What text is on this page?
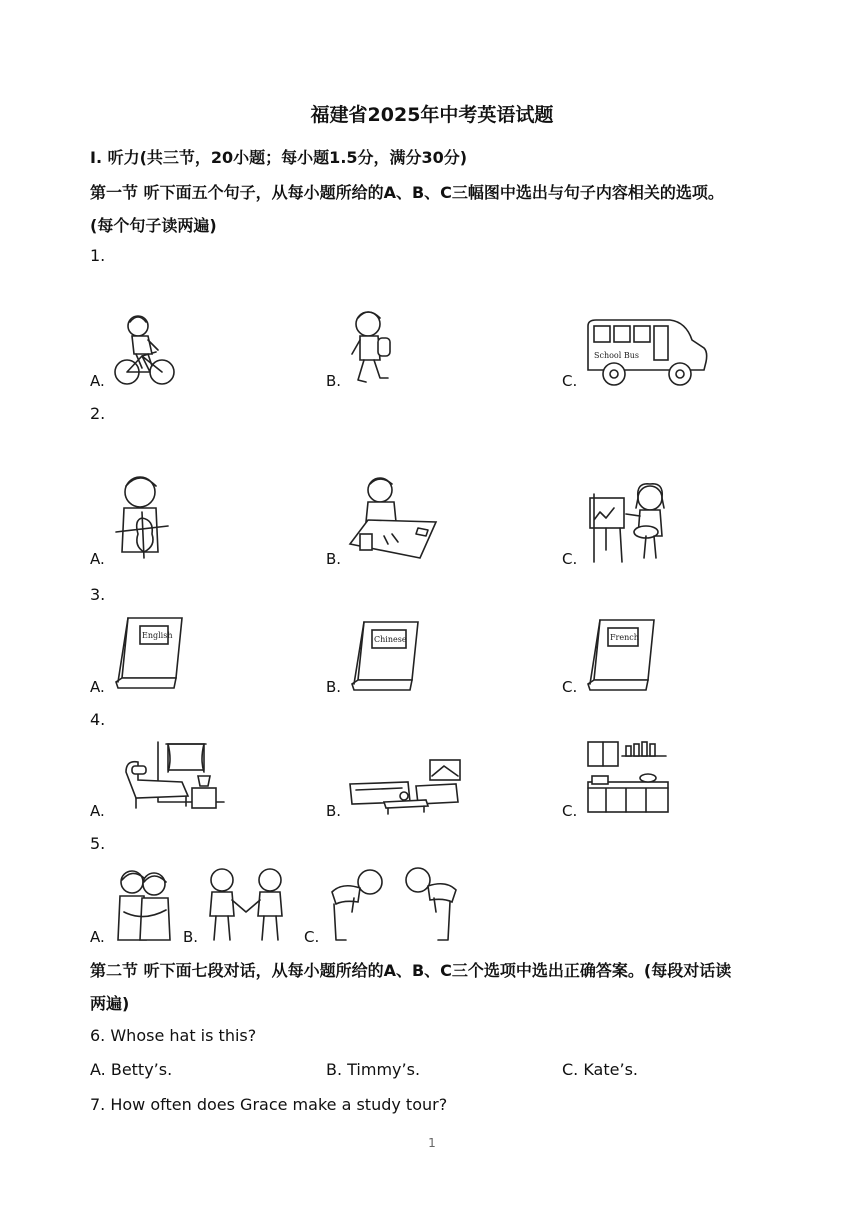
福建省2025年中考英语试题
I. 听力(共三节，20小题；每小题1.5分，满分30分)
第一节 听下面五个句子，从每小题所给的A、B、C三幅图中选出与句子内容相关的选项。
(每个句子读两遍)
1.
A.	B.	C.
School Bus
2.
A.	B.	C.
3.
A.	B.	C.
English	Chinese	French
4.
A.	B.	C.
5.
A.	B.	C.
第二节 听下面七段对话，从每小题所给的A、B、C三个选项中选出正确答案。(每段对话读
两遍)
6. Whose hat is this?
A. Betty’s.	B. Timmy’s.	C. Kate’s.
7. How often does Grace make a study tour?
1
